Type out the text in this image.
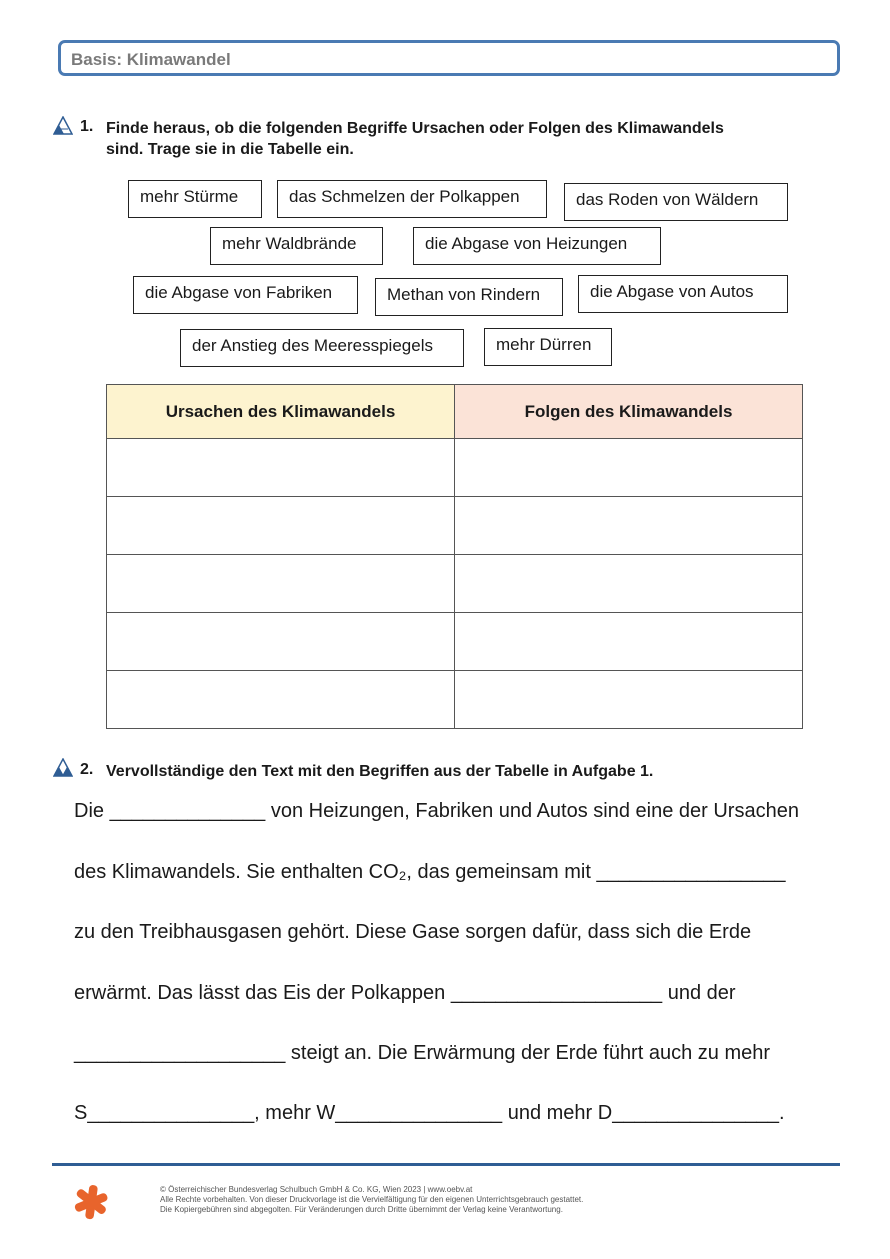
Basis: Klimawandel
1. Finde heraus, ob die folgenden Begriffe Ursachen oder Folgen des Klimawandels
sind. Trage sie in die Tabelle ein.
mehr Stürme	das Schmelzen der Polkappen	das Roden von Wäldern
mehr Waldbrände	die Abgase von Heizungen
die Abgase von Fabriken	Methan von Rindern	die Abgase von Autos
der Anstieg des Meeresspiegels	mehr Dürren
Ursachen des Klimawandels	Folgen des Klimawandels

2. Vervollständige den Text mit den Begriffen aus der Tabelle in Aufgabe 1.
Die ______________ von Heizungen, Fabriken und Autos sind eine der Ursachen
des Klimawandels. Sie enthalten CO₂, das gemeinsam mit _________________
zu den Treibhausgasen gehört. Diese Gase sorgen dafür, dass sich die Erde
erwärmt. Das lässt das Eis der Polkappen ___________________ und der
___________________ steigt an. Die Erwärmung der Erde führt auch zu mehr
S_______________, mehr W_______________ und mehr D_______________.
© Österreichischer Bundesverlag Schulbuch GmbH & Co. KG, Wien 2023 | www.oebv.at
Alle Rechte vorbehalten. Von dieser Druckvorlage ist die Vervielfältigung für den eigenen Unterrichtsgebrauch gestattet.
Die Kopiergebühren sind abgegolten. Für Veränderungen durch Dritte übernimmt der Verlag keine Verantwortung.
